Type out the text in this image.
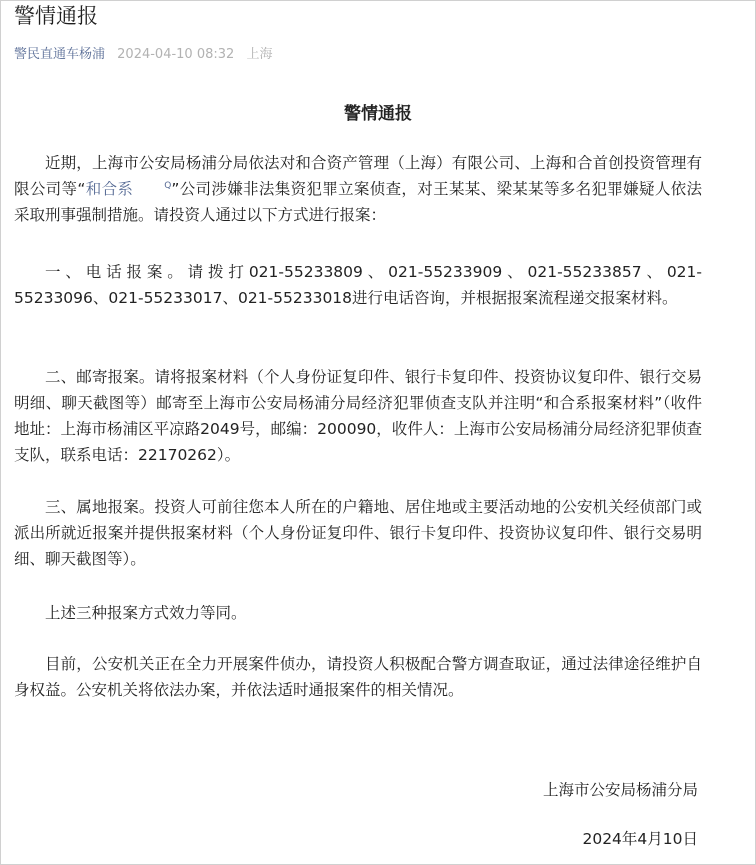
警情通报
警民直通车杨浦 2024-04-10 08:32 上海
警情通报

近期，上海市公安局杨浦分局依法对和合资产管理（上海）有限公司、上海和合首创投资管理有限公司等“和合系	Q”公司涉嫌非法集资犯罪立案侦查，对王某某、梁某某等多名犯罪嫌疑人依法采取刑事强制措施。请投资人通过以下方式进行报案：

一、电话报案。请拨打021-55233809、021-55233909、021-55233857、021-55233096、021-55233017、021-55233018进行电话咨询，并根据报案流程递交报案材料。

二、邮寄报案。请将报案材料（个人身份证复印件、银行卡复印件、投资协议复印件、银行交易明细、聊天截图等）邮寄至上海市公安局杨浦分局经济犯罪侦查支队并注明“和合系报案材料”（收件地址：上海市杨浦区平凉路2049号，邮编：200090，收件人：上海市公安局杨浦分局经济犯罪侦查支队，联系电话：22170262）。

三、属地报案。投资人可前往您本人所在的户籍地、居住地或主要活动地的公安机关经侦部门或派出所就近报案并提供报案材料（个人身份证复印件、银行卡复印件、投资协议复印件、银行交易明细、聊天截图等）。

上述三种报案方式效力等同。

目前，公安机关正在全力开展案件侦办，请投资人积极配合警方调查取证，通过法律途径维护自身权益。公安机关将依法办案，并依法适时通报案件的相关情况。

上海市公安局杨浦分局
2024年4月10日
